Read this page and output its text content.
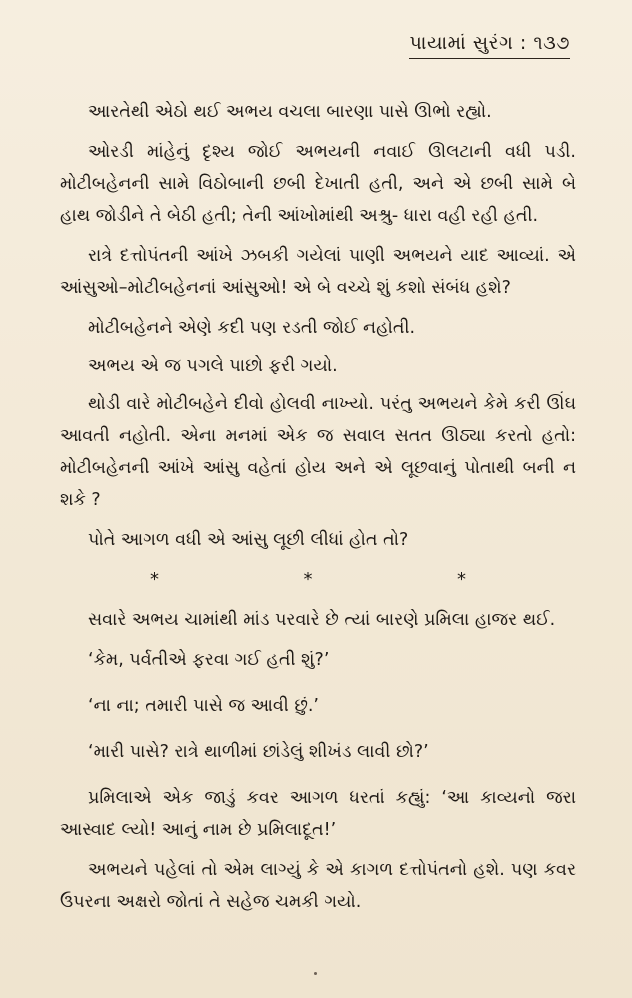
પાયામાં સુરંગ : ૧૩૭

આરતેથી એઠો થઈ અભય વચલા બારણા પાસે ઊભો રહ્યો.

ઓરડી માંહેનું દૃશ્ય જોઈ અભયની નવાઈ ઊલટાની વધી પડી. મોટીબહેનની સામે વિઠોબાની છબી દેખાતી હતી, અને એ છબી સામે બે હાથ જોડીને તે બેઠી હતી; તેની આંખોમાંથી અશ્રુ- ધારા વહી રહી હતી.

રાત્રે દત્તોપંતની આંખે ઝબકી ગયેલાં પાણી અભયને યાદ આવ્યાં. એ આંસુઓ–મોટીબહેનનાં આંસુઓ! એ બે વચ્ચે શું કશો સંબંધ હશે?

મોટીબહેનને એણે કદી પણ રડતી જોઈ નહોતી.

અભય એ જ પગલે પાછો ફરી ગયો.

થોડી વારે મોટીબહેને દીવો હોલવી નાખ્યો. પરંતુ અભયને કેમે કરી ઊંઘ આવતી નહોતી. એના મનમાં એક જ સવાલ સતત ઊઠ્યા કરતો હતો: મોટીબહેનની આંખે આંસુ વહેતાં હોય અને એ લૂછવાનું પોતાથી બની ન શકે ?

પોતે આગળ વધી એ આંસુ લૂછી લીધાં હોત તો?

*	*	*

સવારે અભય ચામાંથી માંડ પરવારે છે ત્યાં બારણે પ્રમિલા હાજર થઈ.

‘કેમ, પર્વતીએ ફરવા ગઈ હતી શું?’

‘ના ના; તમારી પાસે જ આવી છું.’

‘મારી પાસે? રાત્રે થાળીમાં છાંડેલું શીખંડ લાવી છો?’

પ્રમિલાએ એક જાડું કવર આગળ ધરતાં કહ્યું: ‘આ કાવ્યનો જરા આસ્વાદ લ્યો! આનું નામ છે પ્રમિલાદૂત!’

અભયને પહેલાં તો એમ લાગ્યું કે એ કાગળ દત્તોપંતનો હશે. પણ કવર ઉપરના અક્ષરો જોતાં તે સહેજ ચમકી ગયો.
